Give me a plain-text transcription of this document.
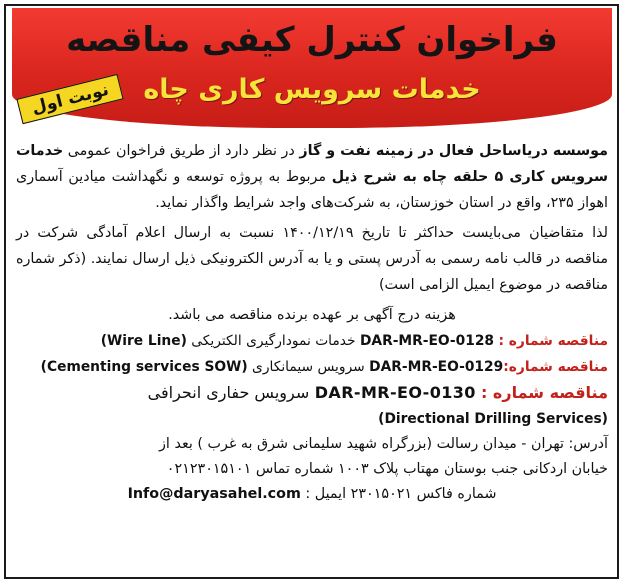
فراخوان کنترل کیفی مناقصه
خدمات سرویس کاری چاه
نوبت اول

موسسه درياساحل فعال در زمينه نفت و گاز در نظر دارد از طریق فراخوان عمومی خدمات سرويس كارى ۵ حلقه چاه به شرح ذيل مربوط به پروژه توسعه و نگهداشت میادین آسماری اهواز ۲۳۵، واقع در استان خوزستان، به شرکت‌های واجد شرایط واگذار نماید.

لذا متقاضیان می‌بایست حداکثر تا تاریخ ۱۴۰۰/۱۲/۱۹ نسبت به ارسال اعلام آمادگی شرکت در مناقصه در قالب نامه رسمی به آدرس پستی و یا به آدرس الکترونیکی ذیل ارسال نمایند. (ذکر شماره مناقصه در موضوع ایمیل الزامی است)

هزینه درج آگهی بر عهده برنده مناقصه می باشد.
مناقصه شماره : DAR-MR-EO-0128 خدمات نمودارگیری الکتریکی (Wire Line)
مناقصه شماره:DAR-MR-EO-0129 سرویس سیمانکاری (Cementing services SOW)
مناقصه شماره : DAR-MR-EO-0130 سرویس حفاری انحرافی
(Directional Drilling Services)
آدرس: تهران - میدان رسالت (بزرگراه شهید سلیمانی شرق به غرب ) بعد از
خیابان اردکانی جنب بوستان مهتاب پلاک ۱۰۰۳ شماره تماس ۰۲۱۲۳۰۱۵۱۰۱
شماره فاکس ۲۳۰۱۵۰۲۱ ایمیل : Info@daryasahel.com
